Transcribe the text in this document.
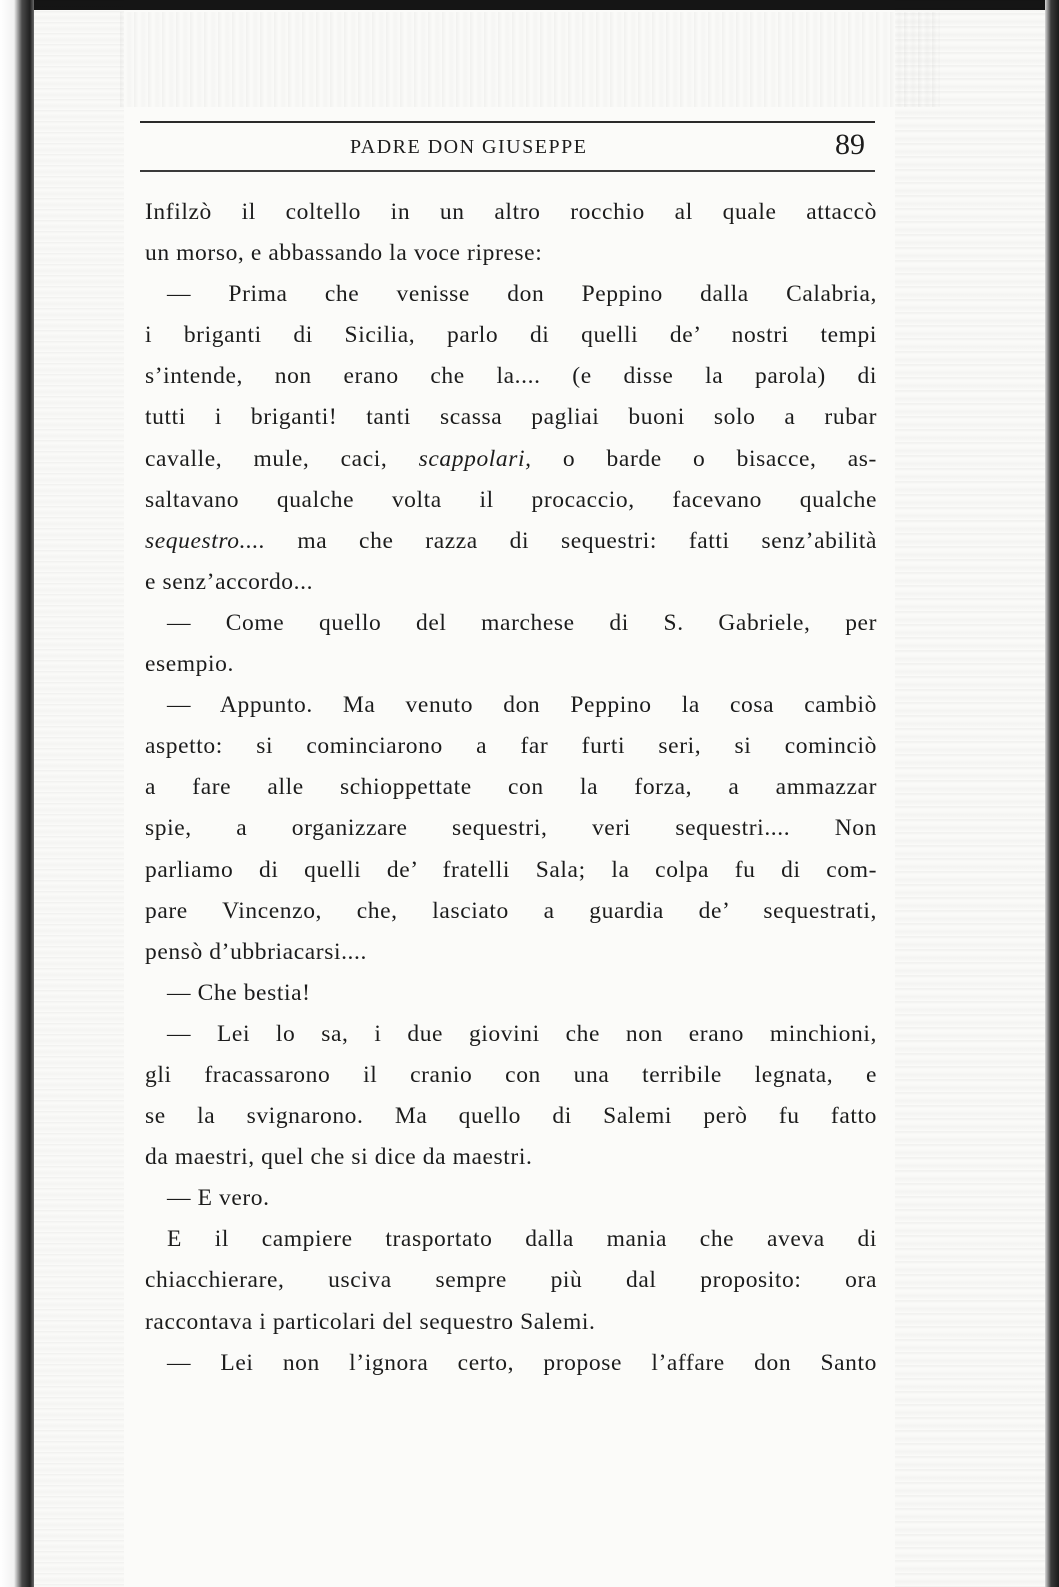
PADRE DON GIUSEPPE	89
Infilzò il coltello in un altro rocchio al quale attaccò
un morso, e abbassando la voce riprese:
— Prima che venisse don Peppino dalla Calabria,
i briganti di Sicilia, parlo di quelli de’ nostri tempi
s’intende, non erano che la.... (e disse la parola) di
tutti i briganti! tanti scassa pagliai buoni solo a rubar
cavalle, mule, caci, scappolari, o barde o bisacce, as-
saltavano qualche volta il procaccio, facevano qualche
sequestro.... ma che razza di sequestri: fatti senz’abilità
e senz’accordo...
— Come quello del marchese di S. Gabriele, per
esempio.
— Appunto. Ma venuto don Peppino la cosa cambiò
aspetto: si cominciarono a far furti seri, si cominciò
a fare alle schioppettate con la forza, a ammazzar
spie, a organizzare sequestri, veri sequestri.... Non
parliamo di quelli de’ fratelli Sala; la colpa fu di com-
pare Vincenzo, che, lasciato a guardia de’ sequestrati,
pensò d’ubbriacarsi....
— Che bestia!
— Lei lo sa, i due giovini che non erano minchioni,
gli fracassarono il cranio con una terribile legnata, e
se la svignarono. Ma quello di Salemi però fu fatto
da maestri, quel che si dice da maestri.
— E vero.
E il campiere trasportato dalla mania che aveva di
chiacchierare, usciva sempre più dal proposito: ora
raccontava i particolari del sequestro Salemi.
— Lei non l’ignora certo, propose l’affare don Santo
